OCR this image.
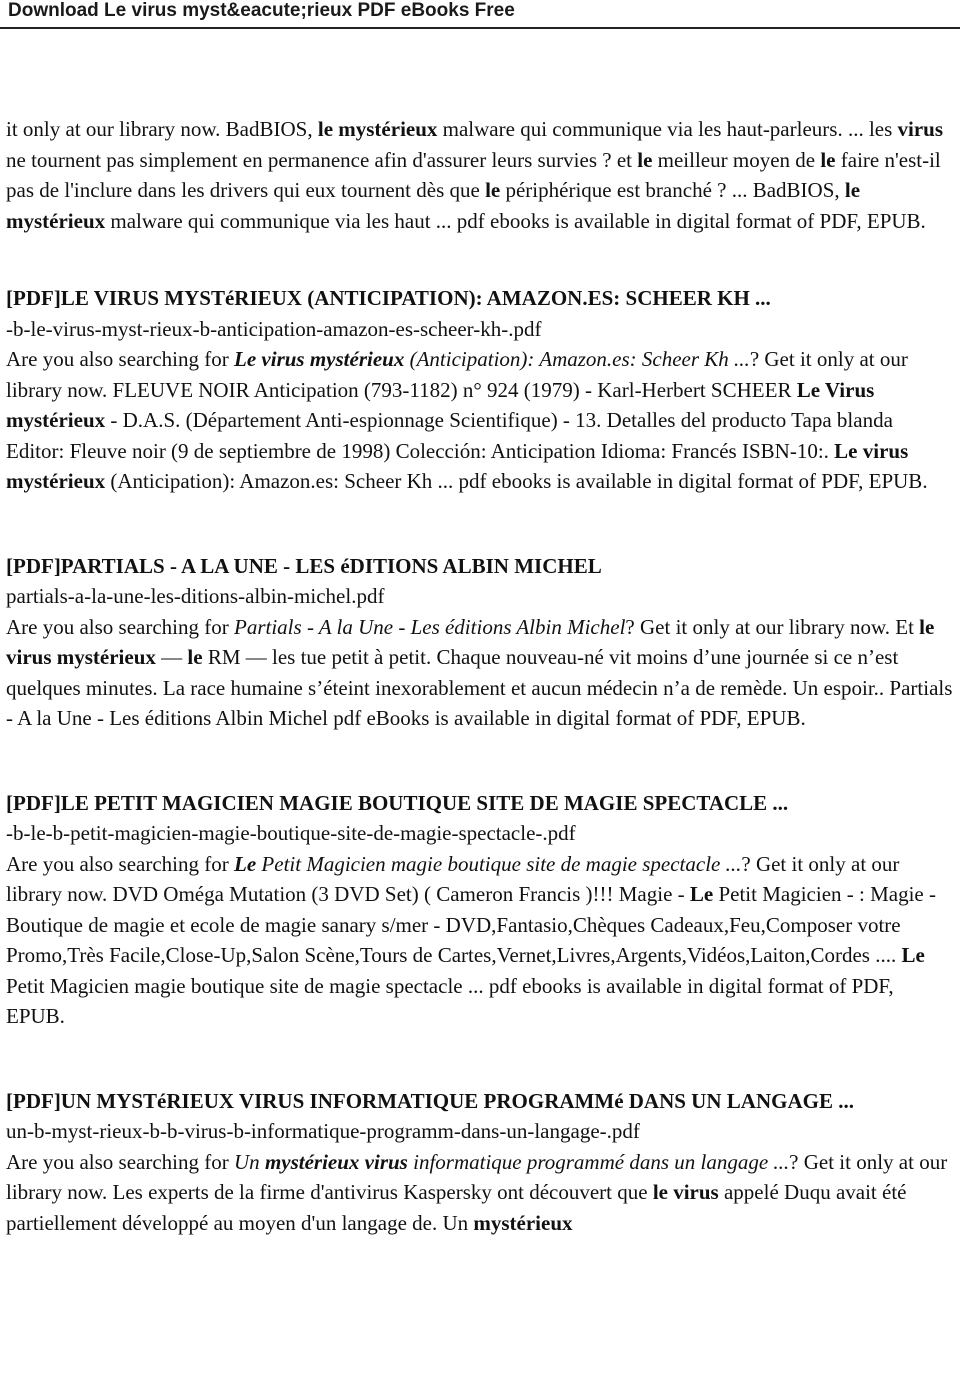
Download Le virus myst&eacute;rieux PDF eBooks Free

it only at our library now. BadBIOS, le mystérieux malware qui communique via les haut-parleurs. ... les virus ne tournent pas simplement en permanence afin d'assurer leurs survies ? et le meilleur moyen de le faire n'est-il pas de l'inclure dans les drivers qui eux tournent dès que le périphérique est branché ? ... BadBIOS, le mystérieux malware qui communique via les haut ... pdf ebooks is available in digital format of PDF, EPUB.

[PDF]LE VIRUS MYSTéRIEUX (ANTICIPATION): AMAZON.ES: SCHEER KH ...

-b-le-virus-myst-rieux-b-anticipation-amazon-es-scheer-kh-.pdf

Are you also searching for Le virus mystérieux (Anticipation): Amazon.es: Scheer Kh ...? Get it only at our library now. FLEUVE NOIR Anticipation (793-1182) n° 924 (1979) - Karl-Herbert SCHEER Le Virus mystérieux - D.A.S. (Département Anti-espionnage Scientifique) - 13. Detalles del producto Tapa blanda Editor: Fleuve noir (9 de septiembre de 1998) Colección: Anticipation Idioma: Francés ISBN-10:. Le virus mystérieux (Anticipation): Amazon.es: Scheer Kh ... pdf ebooks is available in digital format of PDF, EPUB.

[PDF]PARTIALS - A LA UNE - LES éDITIONS ALBIN MICHEL

partials-a-la-une-les-ditions-albin-michel.pdf

Are you also searching for Partials - A la Une - Les éditions Albin Michel? Get it only at our library now. Et le virus mystérieux — le RM — les tue petit à petit. Chaque nouveau-né vit moins d’une journée si ce n’est quelques minutes. La race humaine s’éteint inexorablement et aucun médecin n’a de remède. Un espoir.. Partials - A la Une - Les éditions Albin Michel pdf eBooks is available in digital format of PDF, EPUB.

[PDF]LE PETIT MAGICIEN MAGIE BOUTIQUE SITE DE MAGIE SPECTACLE ...

-b-le-b-petit-magicien-magie-boutique-site-de-magie-spectacle-.pdf

Are you also searching for Le Petit Magicien magie boutique site de magie spectacle ...? Get it only at our library now. DVD Oméga Mutation (3 DVD Set) ( Cameron Francis )!!! Magie - Le Petit Magicien - : Magie - Boutique de magie et ecole de magie sanary s/mer - DVD,Fantasio,Chèques Cadeaux,Feu,Composer votre Promo,Très Facile,Close-Up,Salon Scène,Tours de Cartes,Vernet,Livres,Argents,Vidéos,Laiton,Cordes .... Le Petit Magicien magie boutique site de magie spectacle ... pdf ebooks is available in digital format of PDF, EPUB.

[PDF]UN MYSTéRIEUX VIRUS INFORMATIQUE PROGRAMMé DANS UN LANGAGE ...

un-b-myst-rieux-b-b-virus-b-informatique-programm-dans-un-langage-.pdf

Are you also searching for Un mystérieux virus informatique programmé dans un langage ...? Get it only at our library now. Les experts de la firme d'antivirus Kaspersky ont découvert que le virus appelé Duqu avait été partiellement développé au moyen d'un langage de. Un mystérieux
